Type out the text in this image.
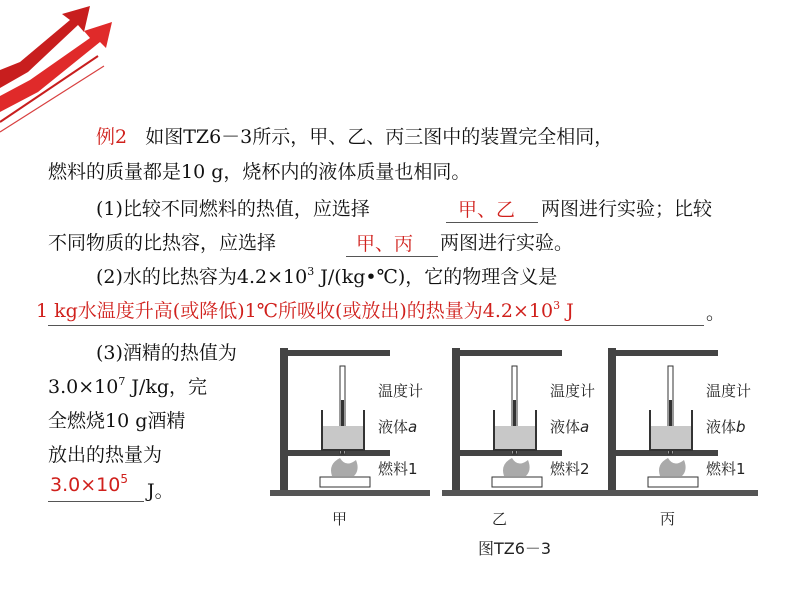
例2 如图TZ6－3所示，甲、乙、丙三图中的装置完全相同，
燃料的质量都是10 g，烧杯内的液体质量也相同。
(1)比较不同燃料的热值，应选择	甲、乙 两图进行实验；比较
不同物质的比热容，应选择	甲、丙 两图进行实验。
(2)水的比热容为$4.2\times 10^3$ J/(kg•℃)，它的物理含义是
1 kg水温度升高(或降低)1℃所吸收(或放出)的热量为$4.2\times 10^3$ J	。
(3)酒精的热值为
$3.0\times 10^7$ J/kg，完
全燃烧10 g酒精
放出的热量为
$3.0\times 10^5$
J。
温度计
液体a
燃料1
甲
温度计
液体a
燃料2
乙
温度计
液体b
燃料1
丙
图TZ6－3
